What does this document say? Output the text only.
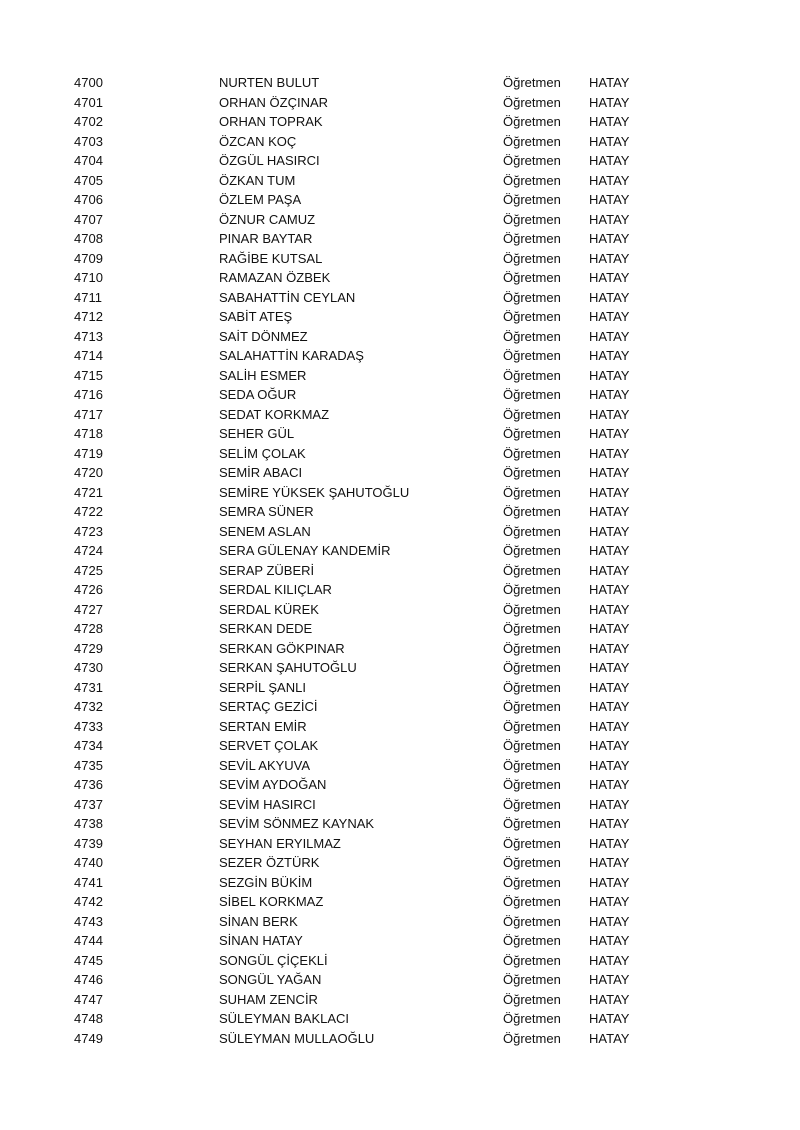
4700	NURTEN BULUT	Öğretmen HATAY
4701	ORHAN ÖZÇINAR	Öğretmen HATAY
4702	ORHAN TOPRAK	Öğretmen HATAY
4703	ÖZCAN KOÇ	Öğretmen HATAY
4704	ÖZGÜL HASIRCI	Öğretmen HATAY
4705	ÖZKAN TUM	Öğretmen HATAY
4706	ÖZLEM PAŞA	Öğretmen HATAY
4707	ÖZNUR CAMUZ	Öğretmen HATAY
4708	PINAR BAYTAR	Öğretmen HATAY
4709	RAĞİBE KUTSAL	Öğretmen HATAY
4710	RAMAZAN ÖZBEK	Öğretmen HATAY
4711	SABAHATTİN CEYLAN	Öğretmen HATAY
4712	SABİT ATEŞ	Öğretmen HATAY
4713	SAİT DÖNMEZ	Öğretmen HATAY
4714	SALAHATTİN KARADAŞ	Öğretmen HATAY
4715	SALİH ESMER	Öğretmen HATAY
4716	SEDA OĞUR	Öğretmen HATAY
4717	SEDAT KORKMAZ	Öğretmen HATAY
4718	SEHER GÜL	Öğretmen HATAY
4719	SELİM ÇOLAK	Öğretmen HATAY
4720	SEMİR ABACI	Öğretmen HATAY
4721	SEMİRE YÜKSEK ŞAHUTOĞLU	Öğretmen HATAY
4722	SEMRA SÜNER	Öğretmen HATAY
4723	SENEM ASLAN	Öğretmen HATAY
4724	SERA GÜLENAY KANDEMİR	Öğretmen HATAY
4725	SERAP ZÜBERİ	Öğretmen HATAY
4726	SERDAL KILIÇLAR	Öğretmen HATAY
4727	SERDAL KÜREK	Öğretmen HATAY
4728	SERKAN DEDE	Öğretmen HATAY
4729	SERKAN GÖKPINAR	Öğretmen HATAY
4730	SERKAN ŞAHUTOĞLU	Öğretmen HATAY
4731	SERPİL ŞANLI	Öğretmen HATAY
4732	SERTAÇ GEZİCİ	Öğretmen HATAY
4733	SERTAN EMİR	Öğretmen HATAY
4734	SERVET ÇOLAK	Öğretmen HATAY
4735	SEVİL AKYUVA	Öğretmen HATAY
4736	SEVİM AYDOĞAN	Öğretmen HATAY
4737	SEVİM HASIRCI	Öğretmen HATAY
4738	SEVİM SÖNMEZ KAYNAK	Öğretmen HATAY
4739	SEYHAN ERYILMAZ	Öğretmen HATAY
4740	SEZER ÖZTÜRK	Öğretmen HATAY
4741	SEZGİN BÜKİM	Öğretmen HATAY
4742	SİBEL KORKMAZ	Öğretmen HATAY
4743	SİNAN BERK	Öğretmen HATAY
4744	SİNAN HATAY	Öğretmen HATAY
4745	SONGÜL ÇİÇEKLİ	Öğretmen HATAY
4746	SONGÜL YAĞAN	Öğretmen HATAY
4747	SUHAM ZENCİR	Öğretmen HATAY
4748	SÜLEYMAN BAKLACI	Öğretmen HATAY
4749	SÜLEYMAN MULLAOĞLU	Öğretmen HATAY
